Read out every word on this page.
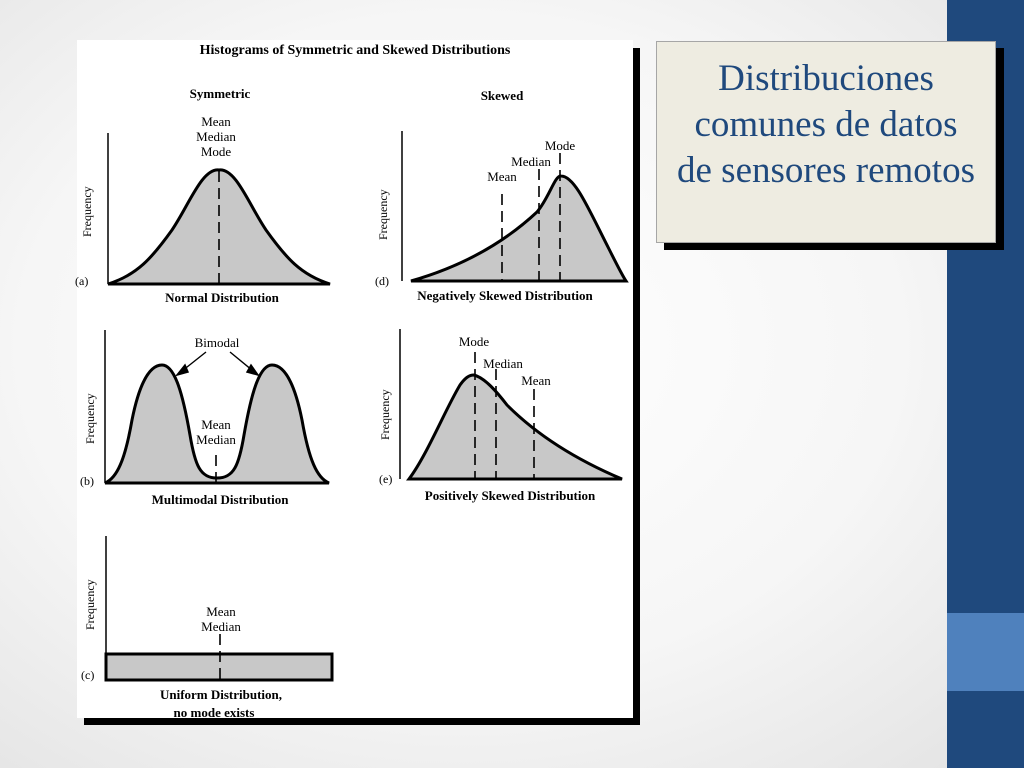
Histograms of Symmetric and Skewed Distributions
Symmetric	Skewed
Mean
Median
Mode
Frequency
(a)
Normal Distribution
Mean
Median
Mode
Frequency
(d)
Negatively Skewed Distribution
Bimodal
Mean
Median
Frequency
(b)
Multimodal Distribution
Mode
Median
Mean
Frequency
(e)
Positively Skewed Distribution
Mean
Median
Frequency
(c)
Uniform Distribution,
no mode exists
Distribuciones
comunes de datos
de sensores remotos
